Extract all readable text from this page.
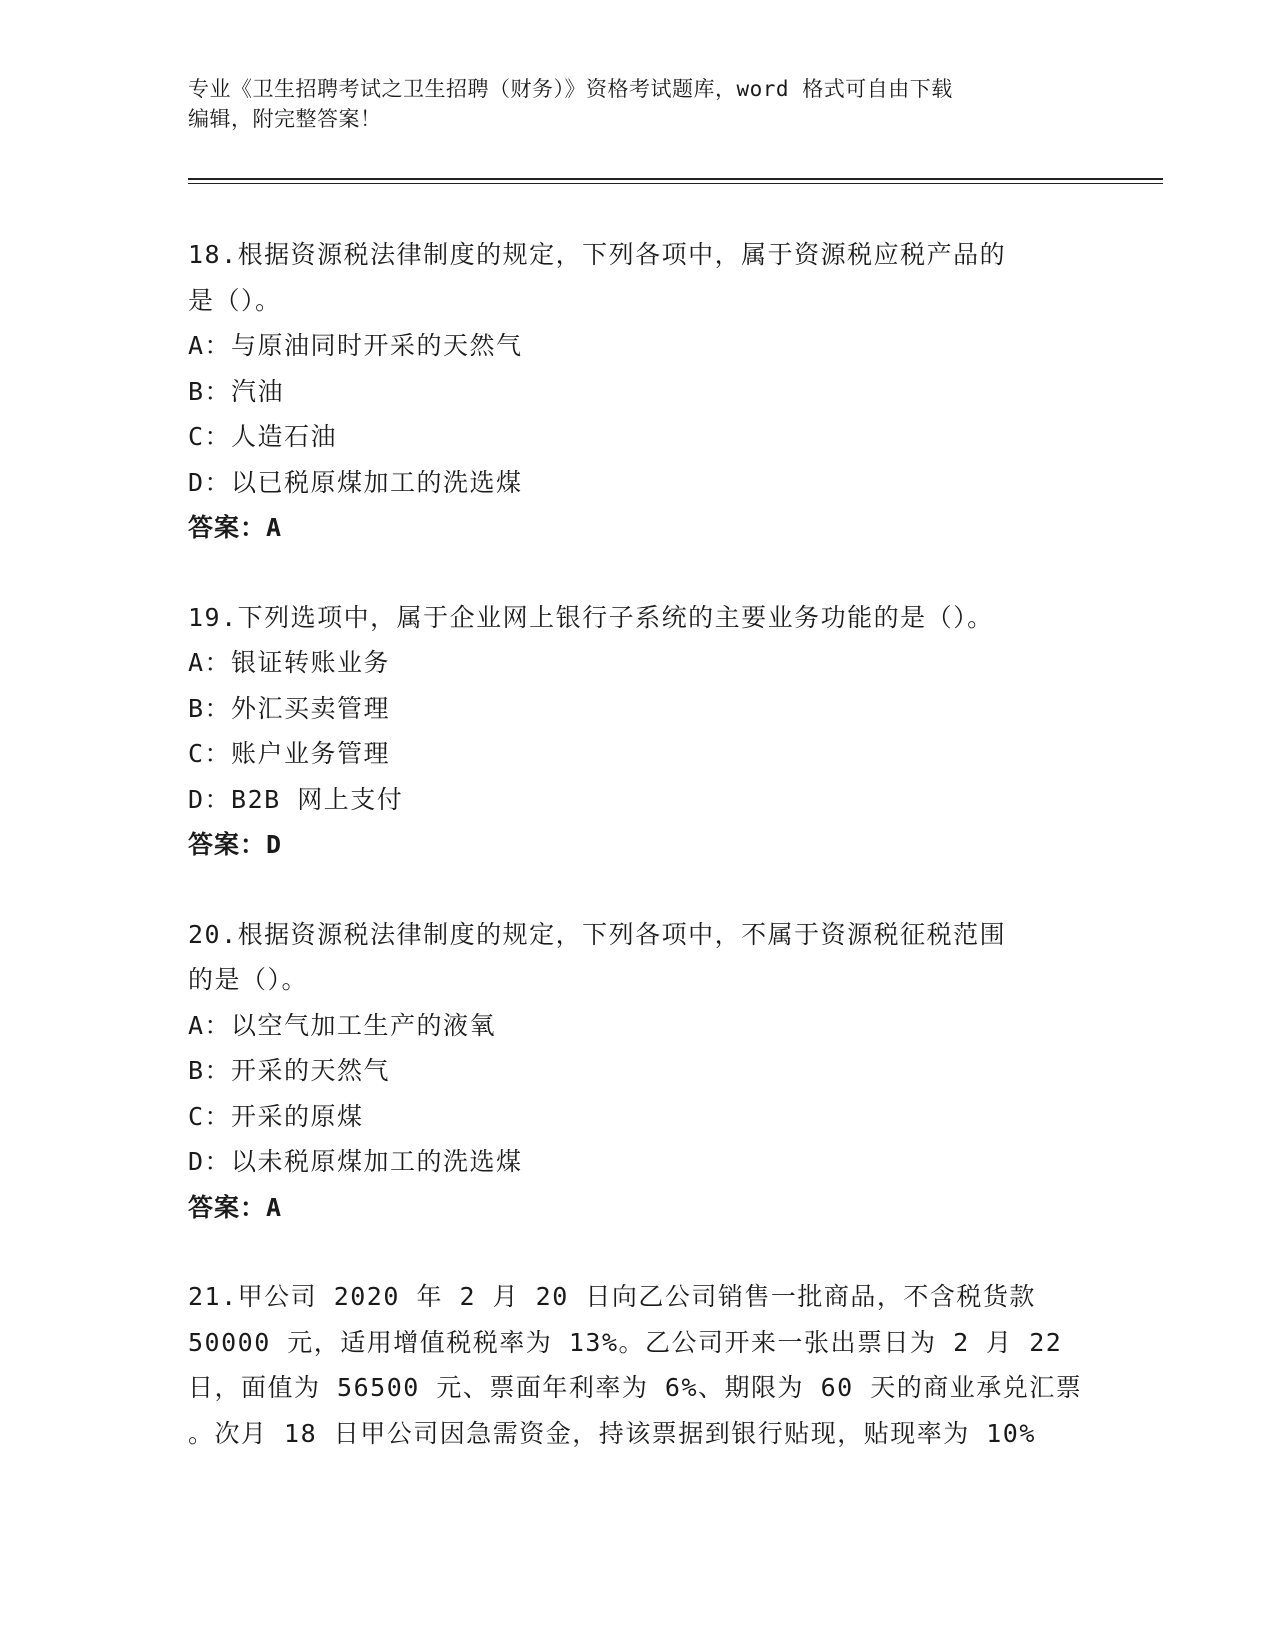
专业《卫生招聘考试之卫生招聘（财务）》资格考试题库，word 格式可自由下载
编辑，附完整答案！
18.根据资源税法律制度的规定，下列各项中，属于资源税应税产品的
是（）。
A：与原油同时开采的天然气
B：汽油
C：人造石油
D：以已税原煤加工的洗选煤
答案：A
19.下列选项中，属于企业网上银行子系统的主要业务功能的是（）。
A：银证转账业务
B：外汇买卖管理
C：账户业务管理
D：B2B 网上支付
答案：D
20.根据资源税法律制度的规定，下列各项中，不属于资源税征税范围
的是（）。
A：以空气加工生产的液氧
B：开采的天然气
C：开采的原煤
D：以未税原煤加工的洗选煤
答案：A
21.甲公司 2020 年 2 月 20 日向乙公司销售一批商品，不含税货款
50000 元，适用增值税税率为 13%。乙公司开来一张出票日为 2 月 22
日，面值为 56500 元、票面年利率为 6%、期限为 60 天的商业承兑汇票
。次月 18 日甲公司因急需资金，持该票据到银行贴现，贴现率为 10%
